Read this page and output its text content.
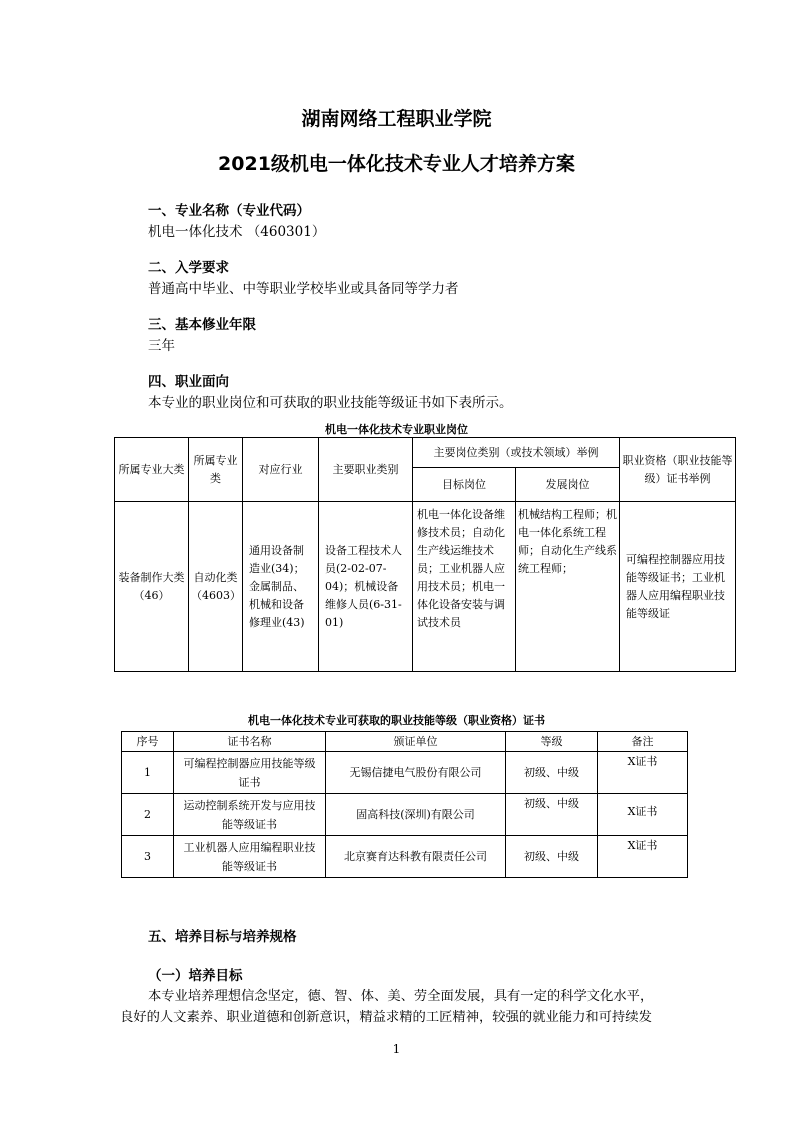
湖南网络工程职业学院
2021级机电一体化技术专业人才培养方案
一、专业名称（专业代码）
机电一体化技术 （460301）
二、入学要求
普通高中毕业、中等职业学校毕业或具备同等学力者
三、基本修业年限
三年
四、职业面向
本专业的职业岗位和可获取的职业技能等级证书如下表所示。
机电一体化技术专业职业岗位
所属专业大类	所属专业类	对应行业	主要职业类别	主要岗位类别（或技术领域）举例		职业资格（职业技能等级）证书举例
				目标岗位	发展岗位	
装备制作大类（46）	自动化类（4603）	通用设备制造业(34)；金属制品、机械和设备修理业(43)	设备工程技术人员(2-02-07-04)；机械设备维修人员(6-31-01)	机电一体化设备维修技术员；自动化生产线运维技术员；工业机器人应用技术员；机电一体化设备安装与调试技术员	机械结构工程师；机电一体化系统工程师；自动化生产线系统工程师；	可编程控制器应用技能等级证书；工业机器人应用编程职业技能等级证
机电一体化技术专业可获取的职业技能等级（职业资格）证书
序号	证书名称	颁证单位	等级	备注
1	可编程控制器应用技能等级证书	无锡信捷电气股份有限公司	初级、中级	X证书
2	运动控制系统开发与应用技能等级证书	固高科技(深圳)有限公司	初级、中级	X证书
3	工业机器人应用编程职业技能等级证书	北京赛育达科教有限责任公司	初级、中级	X证书
五、培养目标与培养规格
（一）培养目标
本专业培养理想信念坚定，德、智、体、美、劳全面发展，具有一定的科学文化水平，
良好的人文素养、职业道德和创新意识，精益求精的工匠精神，较强的就业能力和可持续发
1
